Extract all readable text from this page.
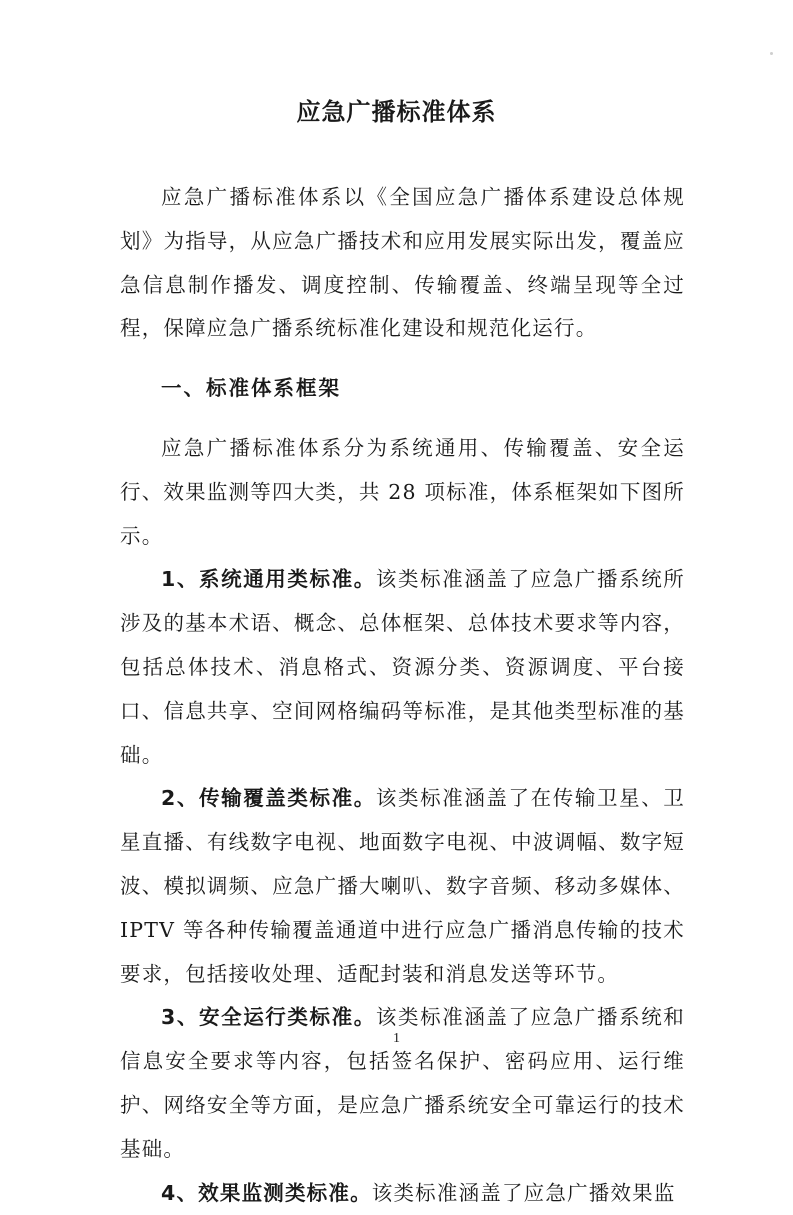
应急广播标准体系

应急广播标准体系以《全国应急广播体系建设总体规划》为指导，从应急广播技术和应用发展实际出发，覆盖应急信息制作播发、调度控制、传输覆盖、终端呈现等全过程，保障应急广播系统标准化建设和规范化运行。

一、标准体系框架

应急广播标准体系分为系统通用、传输覆盖、安全运行、效果监测等四大类，共 28 项标准，体系框架如下图所示。

1、系统通用类标准。该类标准涵盖了应急广播系统所涉及的基本术语、概念、总体框架、总体技术要求等内容，包括总体技术、消息格式、资源分类、资源调度、平台接口、信息共享、空间网格编码等标准，是其他类型标准的基础。

2、传输覆盖类标准。该类标准涵盖了在传输卫星、卫星直播、有线数字电视、地面数字电视、中波调幅、数字短波、模拟调频、应急广播大喇叭、数字音频、移动多媒体、IPTV 等各种传输覆盖通道中进行应急广播消息传输的技术要求，包括接收处理、适配封装和消息发送等环节。

3、安全运行类标准。该类标准涵盖了应急广播系统和信息安全要求等内容，包括签名保护、密码应用、运行维护、网络安全等方面，是应急广播系统安全可靠运行的技术基础。

4、效果监测类标准。该类标准涵盖了应急广播效果监

1
